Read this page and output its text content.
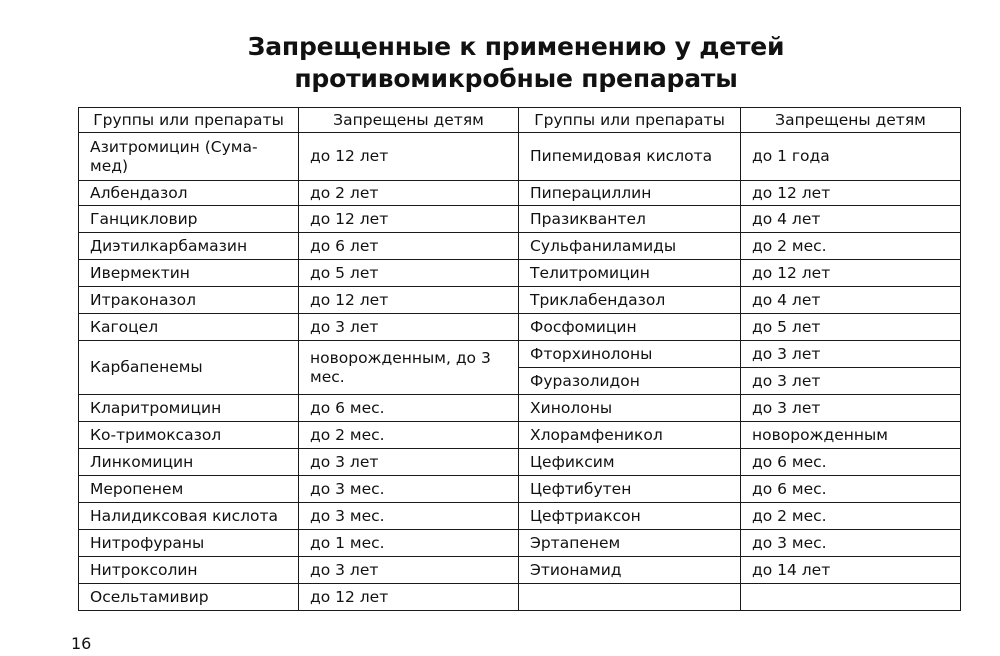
Запрещенные к применению у детей
противомикробные препараты
Группы или препараты	Запрещены детям	Группы или препараты	Запрещены детям
Азитромицин (Сума-мед)	до 12 лет	Пипемидовая кислота	до 1 года
Албендазол	до 2 лет	Пиперациллин	до 12 лет
Ганцикловир	до 12 лет	Празиквантел	до 4 лет
Диэтилкарбамазин	до 6 лет	Сульфаниламиды	до 2 мес.
Ивермектин	до 5 лет	Телитромицин	до 12 лет
Итраконазол	до 12 лет	Триклабендазол	до 4 лет
Кагоцел	до 3 лет	Фосфомицин	до 5 лет
Карбапенемы	новорожденным, до 3 мес.	Фторхинолоны	до 3 лет
		Фуразолидон	до 3 лет
Кларитромицин	до 6 мес.	Хинолоны	до 3 лет
Ко-тримоксазол	до 2 мес.	Хлорамфеникол	новорожденным
Линкомицин	до 3 лет	Цефиксим	до 6 мес.
Меропенем	до 3 мес.	Цефтибутен	до 6 мес.
Налидиксовая кислота	до 3 мес.	Цефтриаксон	до 2 мес.
Нитрофураны	до 1 мес.	Эртапенем	до 3 мес.
Нитроксолин	до 3 лет	Этионамид	до 14 лет
Осельтамивир	до 12 лет		
16
